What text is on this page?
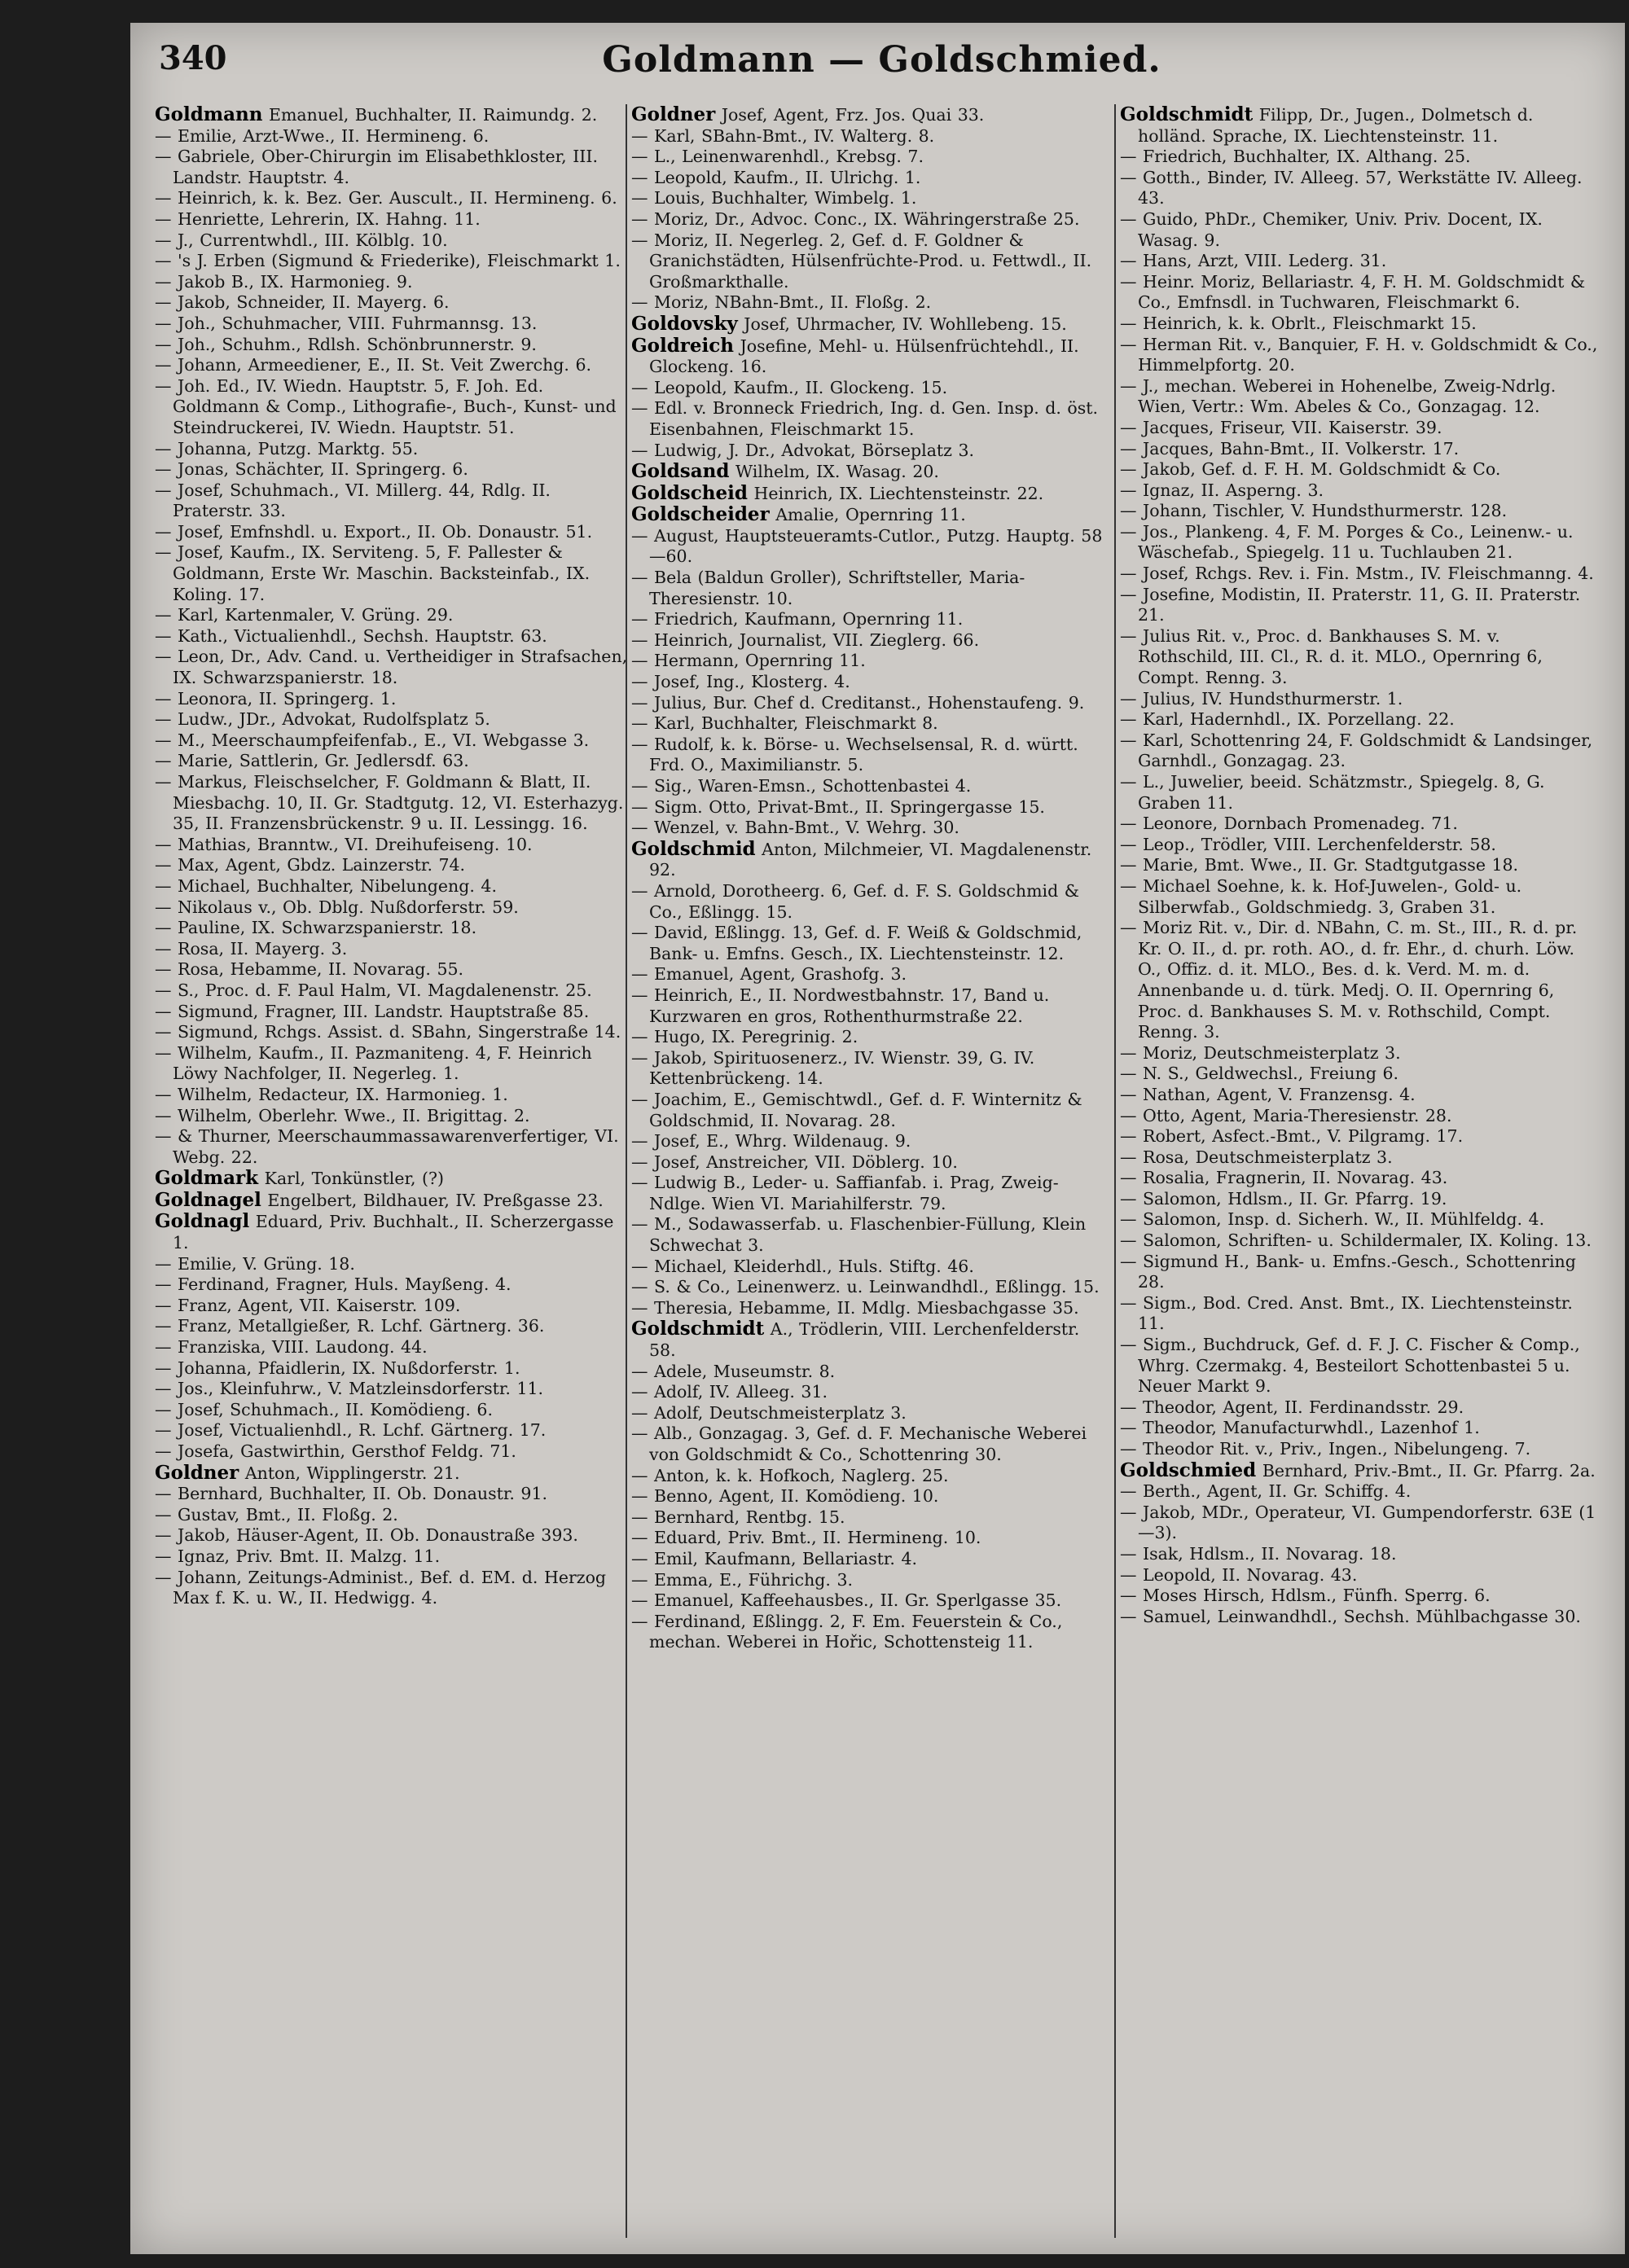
340	Goldmann — Goldschmied.

Goldmann Emanuel, Buchhalter, II. Raimundg. 2.

— Emilie, Arzt-Wwe., II. Hermineng. 6.

— Gabriele, Ober-Chirurgin im Elisabethkloster, III. Landstr. Hauptstr. 4.

— Heinrich, k. k. Bez. Ger. Auscult., II. Hermineng. 6.

— Henriette, Lehrerin, IX. Hahng. 11.

— J., Currentwhdl., III. Kölblg. 10.

— 's J. Erben (Sigmund & Friederike), Fleischmarkt 1.

— Jakob B., IX. Harmonieg. 9.

— Jakob, Schneider, II. Mayerg. 6.

— Joh., Schuhmacher, VIII. Fuhrmannsg. 13.

— Joh., Schuhm., Rdlsh. Schönbrunnerstr. 9.

— Johann, Armeediener, E., II. St. Veit Zwerchg. 6.

— Joh. Ed., IV. Wiedn. Hauptstr. 5, F. Joh. Ed. Goldmann & Comp., Lithografie-, Buch-, Kunst- und Steindruckerei, IV. Wiedn. Hauptstr. 51.

— Johanna, Putzg. Marktg. 55.

— Jonas, Schächter, II. Springerg. 6.

— Josef, Schuhmach., VI. Millerg. 44, Rdlg. II. Praterstr. 33.

— Josef, Emfnshdl. u. Export., II. Ob. Donaustr. 51.

— Josef, Kaufm., IX. Serviteng. 5, F. Pallester & Goldmann, Erste Wr. Maschin. Backsteinfab., IX. Koling. 17.

— Karl, Kartenmaler, V. Grüng. 29.

— Kath., Victualienhdl., Sechsh. Hauptstr. 63.

— Leon, Dr., Adv. Cand. u. Vertheidiger in Strafsachen, IX. Schwarzspanierstr. 18.

— Leonora, II. Springerg. 1.

— Ludw., JDr., Advokat, Rudolfsplatz 5.

— M., Meerschaumpfeifenfab., E., VI. Webgasse 3.

— Marie, Sattlerin, Gr. Jedlersdf. 63.

— Markus, Fleischselcher, F. Goldmann & Blatt, II. Miesbachg. 10, II. Gr. Stadtgutg. 12, VI. Esterhazyg. 35, II. Franzensbrückenstr. 9 u. II. Lessingg. 16.

— Mathias, Branntw., VI. Dreihufeiseng. 10.

— Max, Agent, Gbdz. Lainzerstr. 74.

— Michael, Buchhalter, Nibelungeng. 4.

— Nikolaus v., Ob. Dblg. Nußdorferstr. 59.

— Pauline, IX. Schwarzspanierstr. 18.

— Rosa, II. Mayerg. 3.

— Rosa, Hebamme, II. Novarag. 55.

— S., Proc. d. F. Paul Halm, VI. Magdalenenstr. 25.

— Sigmund, Fragner, III. Landstr. Hauptstraße 85.

— Sigmund, Rchgs. Assist. d. SBahn, Singerstraße 14.

— Wilhelm, Kaufm., II. Pazmaniteng. 4, F. Heinrich Löwy Nachfolger, II. Negerleg. 1.

— Wilhelm, Redacteur, IX. Harmonieg. 1.

— Wilhelm, Oberlehr. Wwe., II. Brigittag. 2.

— & Thurner, Meerschaummassawarenverfertiger, VI. Webg. 22.

Goldmark Karl, Tonkünstler, (?)

Goldnagel Engelbert, Bildhauer, IV. Preßgasse 23.

Goldnagl Eduard, Priv. Buchhalt., II. Scherzergasse 1.

— Emilie, V. Grüng. 18.

— Ferdinand, Fragner, Huls. Mayßeng. 4.

— Franz, Agent, VII. Kaiserstr. 109.

— Franz, Metallgießer, R. Lchf. Gärtnerg. 36.

— Franziska, VIII. Laudong. 44.

— Johanna, Pfaidlerin, IX. Nußdorferstr. 1.

— Jos., Kleinfuhrw., V. Matzleinsdorferstr. 11.

— Josef, Schuhmach., II. Komödieng. 6.

— Josef, Victualienhdl., R. Lchf. Gärtnerg. 17.

— Josefa, Gastwirthin, Gersthof Feldg. 71.

Goldner Anton, Wipplingerstr. 21.

— Bernhard, Buchhalter, II. Ob. Donaustr. 91.

— Gustav, Bmt., II. Floßg. 2.

— Jakob, Häuser-Agent, II. Ob. Donaustraße 393.

— Ignaz, Priv. Bmt. II. Malzg. 11.

— Johann, Zeitungs-Administ., Bef. d. EM. d. Herzog Max f. K. u. W., II. Hedwigg. 4.

Goldner Josef, Agent, Frz. Jos. Quai 33.

— Karl, SBahn-Bmt., IV. Walterg. 8.

— L., Leinenwarenhdl., Krebsg. 7.

— Leopold, Kaufm., II. Ulrichg. 1.

— Louis, Buchhalter, Wimbelg. 1.

— Moriz, Dr., Advoc. Conc., IX. Währingerstraße 25.

— Moriz, II. Negerleg. 2, Gef. d. F. Goldner & Granichstädten, Hülsenfrüchte-Prod. u. Fettwdl., II. Großmarkthalle.

— Moriz, NBahn-Bmt., II. Floßg. 2.

Goldovsky Josef, Uhrmacher, IV. Wohllebeng. 15.

Goldreich Josefine, Mehl- u. Hülsenfrüchtehdl., II. Glockeng. 16.

— Leopold, Kaufm., II. Glockeng. 15.

— Edl. v. Bronneck Friedrich, Ing. d. Gen. Insp. d. öst. Eisenbahnen, Fleischmarkt 15.

— Ludwig, J. Dr., Advokat, Börseplatz 3.

Goldsand Wilhelm, IX. Wasag. 20.

Goldscheid Heinrich, IX. Liechtensteinstr. 22.

Goldscheider Amalie, Opernring 11.

— August, Hauptsteueramts-Cutlor., Putzg. Hauptg. 58—60.

— Bela (Baldun Groller), Schriftsteller, Maria-Theresienstr. 10.

— Friedrich, Kaufmann, Opernring 11.

— Heinrich, Journalist, VII. Zieglerg. 66.

— Hermann, Opernring 11.

— Josef, Ing., Klosterg. 4.

— Julius, Bur. Chef d. Creditanst., Hohenstaufeng. 9.

— Karl, Buchhalter, Fleischmarkt 8.

— Rudolf, k. k. Börse- u. Wechselsensal, R. d. württ. Frd. O., Maximilianstr. 5.

— Sig., Waren-Emsn., Schottenbastei 4.

— Sigm. Otto, Privat-Bmt., II. Springergasse 15.

— Wenzel, v. Bahn-Bmt., V. Wehrg. 30.

Goldschmid Anton, Milchmeier, VI. Magdalenenstr. 92.

— Arnold, Dorotheerg. 6, Gef. d. F. S. Goldschmid & Co., Eßlingg. 15.

— David, Eßlingg. 13, Gef. d. F. Weiß & Goldschmid, Bank- u. Emfns. Gesch., IX. Liechtensteinstr. 12.

— Emanuel, Agent, Grashofg. 3.

— Heinrich, E., II. Nordwestbahnstr. 17, Band u. Kurzwaren en gros, Rothenthurmstraße 22.

— Hugo, IX. Peregrinig. 2.

— Jakob, Spirituosenerz., IV. Wienstr. 39, G. IV. Kettenbrückeng. 14.

— Joachim, E., Gemischtwdl., Gef. d. F. Winternitz & Goldschmid, II. Novarag. 28.

— Josef, E., Whrg. Wildenaug. 9.

— Josef, Anstreicher, VII. Döblerg. 10.

— Ludwig B., Leder- u. Saffianfab. i. Prag, Zweig-Ndlge. Wien VI. Mariahilferstr. 79.

— M., Sodawasserfab. u. Flaschenbier-Füllung, Klein Schwechat 3.

— Michael, Kleiderhdl., Huls. Stiftg. 46.

— S. & Co., Leinenwerz. u. Leinwandhdl., Eßlingg. 15.

— Theresia, Hebamme, II. Mdlg. Miesbachgasse 35.

Goldschmidt A., Trödlerin, VIII. Lerchenfelderstr. 58.

— Adele, Museumstr. 8.

— Adolf, IV. Alleeg. 31.

— Adolf, Deutschmeisterplatz 3.

— Alb., Gonzagag. 3, Gef. d. F. Mechanische Weberei von Goldschmidt & Co., Schottenring 30.

— Anton, k. k. Hofkoch, Naglerg. 25.

— Benno, Agent, II. Komödieng. 10.

— Bernhard, Rentbg. 15.

— Eduard, Priv. Bmt., II. Hermineng. 10.

— Emil, Kaufmann, Bellariastr. 4.

— Emma, E., Führichg. 3.

— Emanuel, Kaffeehausbes., II. Gr. Sperlgasse 35.

— Ferdinand, Eßlingg. 2, F. Em. Feuerstein & Co., mechan. Weberei in Hořic, Schottensteig 11.

Goldschmidt Filipp, Dr., Jugen., Dolmetsch d. holländ. Sprache, IX. Liechtensteinstr. 11.

— Friedrich, Buchhalter, IX. Althang. 25.

— Gotth., Binder, IV. Alleeg. 57, Werkstätte IV. Alleeg. 43.

— Guido, PhDr., Chemiker, Univ. Priv. Docent, IX. Wasag. 9.

— Hans, Arzt, VIII. Lederg. 31.

— Heinr. Moriz, Bellariastr. 4, F. H. M. Goldschmidt & Co., Emfnsdl. in Tuchwaren, Fleischmarkt 6.

— Heinrich, k. k. Obrlt., Fleischmarkt 15.

— Herman Rit. v., Banquier, F. H. v. Goldschmidt & Co., Himmelpfortg. 20.

— J., mechan. Weberei in Hohenelbe, Zweig-Ndrlg. Wien, Vertr.: Wm. Abeles & Co., Gonzagag. 12.

— Jacques, Friseur, VII. Kaiserstr. 39.

— Jacques, Bahn-Bmt., II. Volkerstr. 17.

— Jakob, Gef. d. F. H. M. Goldschmidt & Co.

— Ignaz, II. Asperng. 3.

— Johann, Tischler, V. Hundsthurmerstr. 128.

— Jos., Plankeng. 4, F. M. Porges & Co., Leinenw.- u. Wäschefab., Spiegelg. 11 u. Tuchlauben 21.

— Josef, Rchgs. Rev. i. Fin. Mstm., IV. Fleischmanng. 4.

— Josefine, Modistin, II. Praterstr. 11, G. II. Praterstr. 21.

— Julius Rit. v., Proc. d. Bankhauses S. M. v. Rothschild, III. Cl., R. d. it. MLO., Opernring 6, Compt. Renng. 3.

— Julius, IV. Hundsthurmerstr. 1.

— Karl, Hadernhdl., IX. Porzellang. 22.

— Karl, Schottenring 24, F. Goldschmidt & Landsinger, Garnhdl., Gonzagag. 23.

— L., Juwelier, beeid. Schätzmstr., Spiegelg. 8, G. Graben 11.

— Leonore, Dornbach Promenadeg. 71.

— Leop., Trödler, VIII. Lerchenfelderstr. 58.

— Marie, Bmt. Wwe., II. Gr. Stadtgutgasse 18.

— Michael Soehne, k. k. Hof-Juwelen-, Gold- u. Silberwfab., Goldschmiedg. 3, Graben 31.

— Moriz Rit. v., Dir. d. NBahn, C. m. St., III., R. d. pr. Kr. O. II., d. pr. roth. AO., d. fr. Ehr., d. churh. Löw. O., Offiz. d. it. MLO., Bes. d. k. Verd. M. m. d. Annenbande u. d. türk. Medj. O. II. Opernring 6, Proc. d. Bankhauses S. M. v. Rothschild, Compt. Renng. 3.

— Moriz, Deutschmeisterplatz 3.

— N. S., Geldwechsl., Freiung 6.

— Nathan, Agent, V. Franzensg. 4.

— Otto, Agent, Maria-Theresienstr. 28.

— Robert, Asfect.-Bmt., V. Pilgramg. 17.

— Rosa, Deutschmeisterplatz 3.

— Rosalia, Fragnerin, II. Novarag. 43.

— Salomon, Hdlsm., II. Gr. Pfarrg. 19.

— Salomon, Insp. d. Sicherh. W., II. Mühlfeldg. 4.

— Salomon, Schriften- u. Schildermaler, IX. Koling. 13.

— Sigmund H., Bank- u. Emfns.-Gesch., Schottenring 28.

— Sigm., Bod. Cred. Anst. Bmt., IX. Liechtensteinstr. 11.

— Sigm., Buchdruck, Gef. d. F. J. C. Fischer & Comp., Whrg. Czermakg. 4, Besteilort Schottenbastei 5 u. Neuer Markt 9.

— Theodor, Agent, II. Ferdinandsstr. 29.

— Theodor, Manufacturwhdl., Lazenhof 1.

— Theodor Rit. v., Priv., Ingen., Nibelungeng. 7.

Goldschmied Bernhard, Priv.-Bmt., II. Gr. Pfarrg. 2a.

— Berth., Agent, II. Gr. Schiffg. 4.

— Jakob, MDr., Operateur, VI. Gumpendorferstr. 63E (1—3).

— Isak, Hdlsm., II. Novarag. 18.

— Leopold, II. Novarag. 43.

— Moses Hirsch, Hdlsm., Fünfh. Sperrg. 6.

— Samuel, Leinwandhdl., Sechsh. Mühlbachgasse 30.
